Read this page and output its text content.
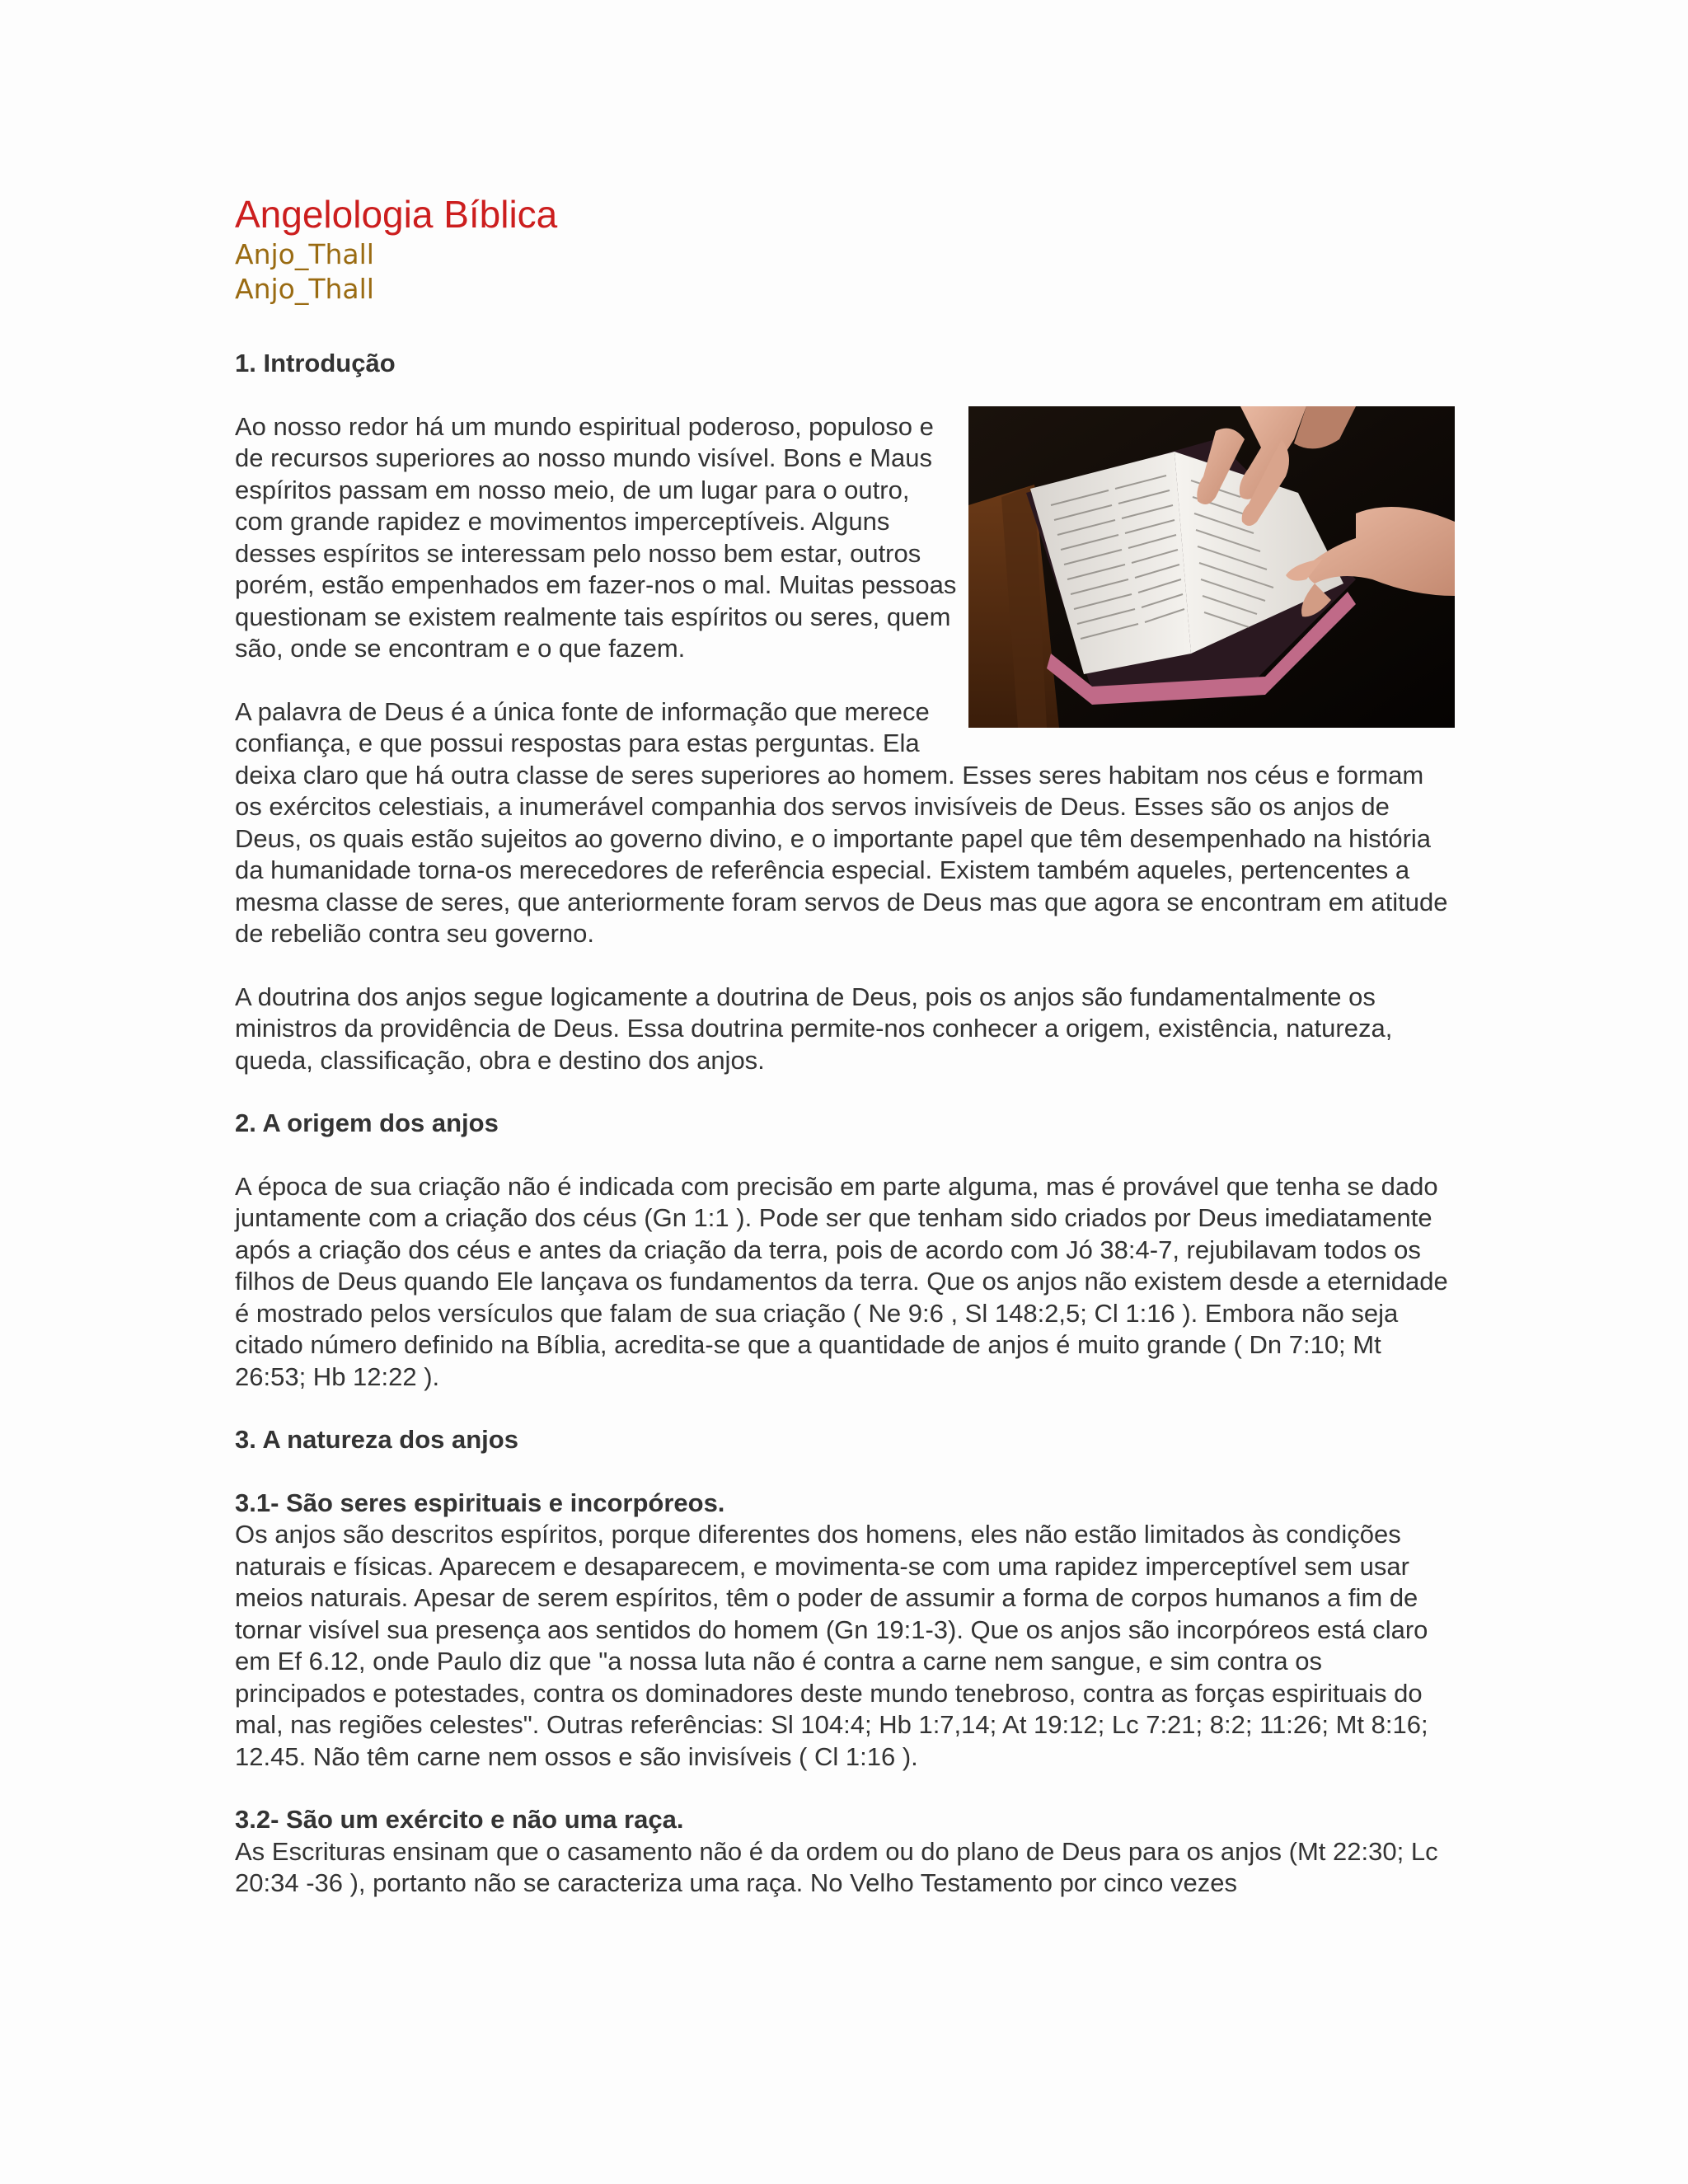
Angelologia Bíblica
Anjo_Thall
Anjo_Thall
1. Introdução

Ao nosso redor há um mundo espiritual poderoso, populoso e de recursos superiores ao nosso mundo visível. Bons e Maus espíritos passam em nosso meio, de um lugar para o outro, com grande rapidez e movimentos imperceptíveis. Alguns desses espíritos se interessam pelo nosso bem estar, outros porém, estão empenhados em fazer-nos o mal. Muitas pessoas questionam se existem realmente tais espíritos ou seres, quem são, onde se encontram e o que fazem.

A palavra de Deus é a única fonte de informação que merece confiança, e que possui respostas para estas perguntas. Ela deixa claro que há outra classe de seres superiores ao homem. Esses seres habitam nos céus e formam os exércitos celestiais, a inumerável companhia dos servos invisíveis de Deus. Esses são os anjos de Deus, os quais estão sujeitos ao governo divino, e o importante papel que têm desempenhado na história da humanidade torna-os merecedores de referência especial. Existem também aqueles, pertencentes a mesma classe de seres, que anteriormente foram servos de Deus mas que agora se encontram em atitude de rebelião contra seu governo.

A doutrina dos anjos segue logicamente a doutrina de Deus, pois os anjos são fundamentalmente os ministros da providência de Deus. Essa doutrina permite-nos conhecer a origem, existência, natureza, queda, classificação, obra e destino dos anjos.

2. A origem dos anjos

A época de sua criação não é indicada com precisão em parte alguma, mas é provável que tenha se dado juntamente com a criação dos céus (Gn 1:1 ). Pode ser que tenham sido criados por Deus imediatamente após a criação dos céus e antes da criação da terra, pois de acordo com Jó 38:4-7, rejubilavam todos os filhos de Deus quando Ele lançava os fundamentos da terra. Que os anjos não existem desde a eternidade é mostrado pelos versículos que falam de sua criação ( Ne 9:6 , Sl 148:2,5; Cl 1:16 ). Embora não seja citado número definido na Bíblia, acredita-se que a quantidade de anjos é muito grande ( Dn 7:10; Mt 26:53; Hb 12:22 ).

3. A natureza dos anjos

3.1- São seres espirituais e incorpóreos.
Os anjos são descritos espíritos, porque diferentes dos homens, eles não estão limitados às condições naturais e físicas. Aparecem e desaparecem, e movimenta-se com uma rapidez imperceptível sem usar meios naturais. Apesar de serem espíritos, têm o poder de assumir a forma de corpos humanos a fim de tornar visível sua presença aos sentidos do homem (Gn 19:1-3). Que os anjos são incorpóreos está claro em Ef 6.12, onde Paulo diz que "a nossa luta não é contra a carne nem sangue, e sim contra os principados e potestades, contra os dominadores deste mundo tenebroso, contra as forças espirituais do mal, nas regiões celestes". Outras referências: Sl 104:4; Hb 1:7,14; At 19:12; Lc 7:21; 8:2; 11:26; Mt 8:16; 12.45. Não têm carne nem ossos e são invisíveis ( Cl 1:16 ).

3.2- São um exército e não uma raça.
As Escrituras ensinam que o casamento não é da ordem ou do plano de Deus para os anjos (Mt 22:30; Lc 20:34 -36 ), portanto não se caracteriza uma raça. No Velho Testamento por cinco vezes
